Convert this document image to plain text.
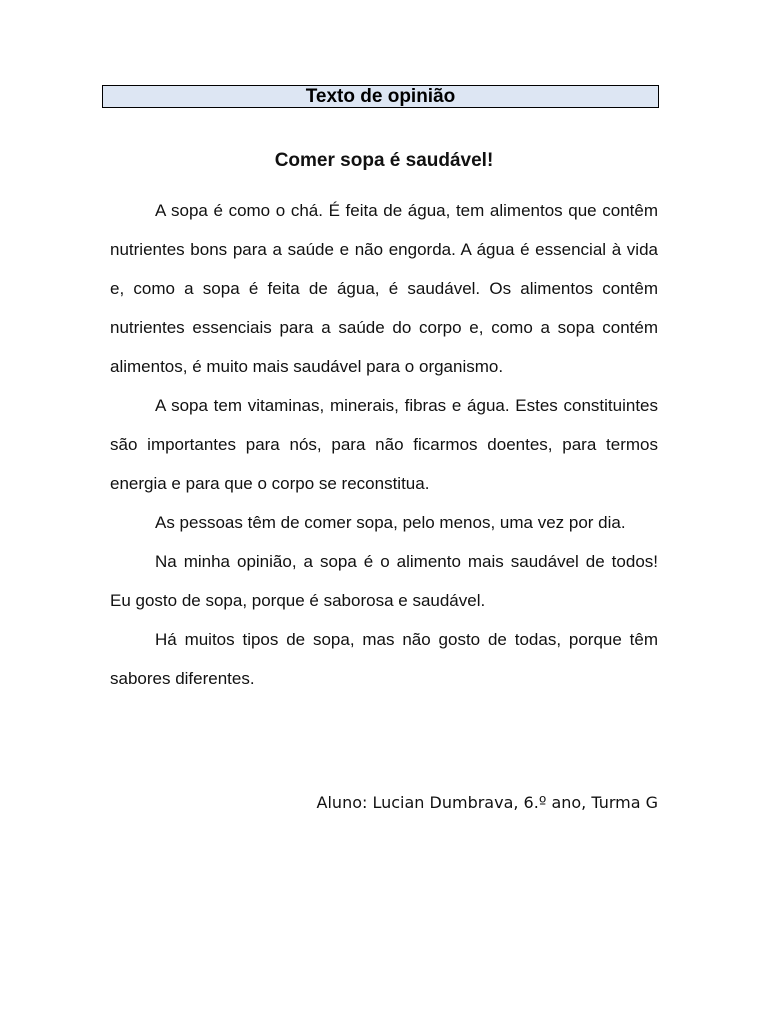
Texto de opinião
Comer sopa é saudável!

A sopa é como o chá. É feita de água, tem alimentos que contêm nutrientes bons para a saúde e não engorda. A água é essencial à vida e, como a sopa é feita de água, é saudável. Os alimentos contêm nutrientes essenciais para a saúde do corpo e, como a sopa contém alimentos, é muito mais saudável para o organismo.

A sopa tem vitaminas, minerais, fibras e água. Estes constituintes são importantes para nós, para não ficarmos doentes, para termos energia e para que o corpo se reconstitua.

As pessoas têm de comer sopa, pelo menos, uma vez por dia.

Na minha opinião, a sopa é o alimento mais saudável de todos! Eu gosto de sopa, porque é saborosa e saudável.

Há muitos tipos de sopa, mas não gosto de todas, porque têm sabores diferentes.

Aluno: Lucian Dumbrava, 6.º ano, Turma G
